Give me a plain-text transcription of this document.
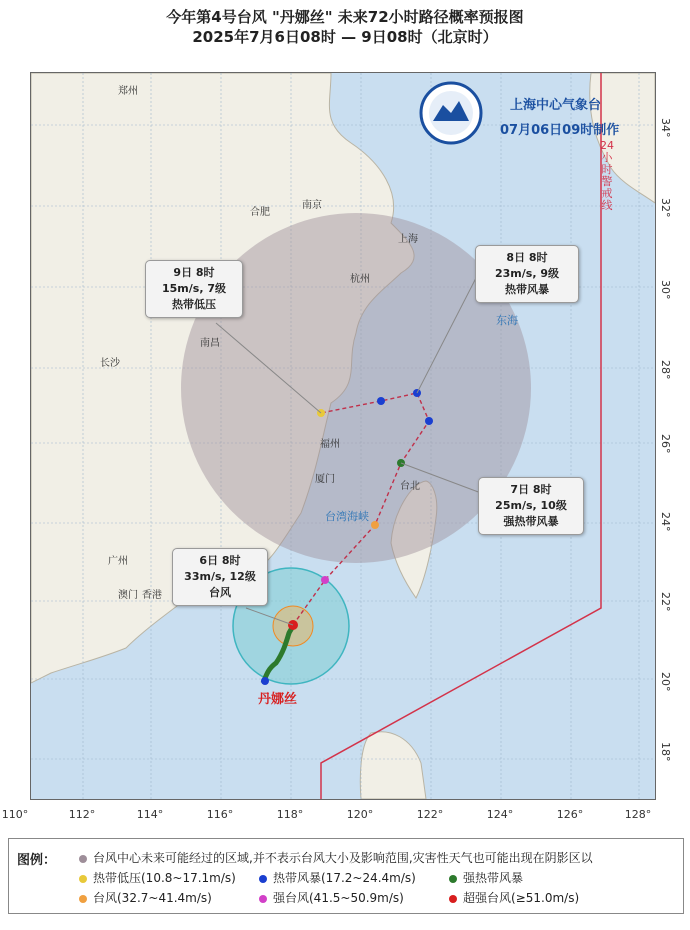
今年第4号台风 "丹娜丝" 未来72小时路径概率预报图
2025年7月6日08时 — 9日08时（北京时）
上海中心气象台
07月06日09时制作
24小时警戒线
郑州
合肥
南京
上海
杭州
南昌
长沙
福州
台北
广州
澳门 香港
厦门
东海
台湾海峡
丹娜丝
6日 8时
33m/s, 12级
台风
7日 8时
25m/s, 10级
强热带风暴
8日 8时
23m/s, 9级
热带风暴
9日 8时
15m/s, 7级
热带低压
110°	112°	114°	116°	118°	120°	122°	124°	126°	128°
34°
32°
30°
28°
26°
24°
22°
20°
18°
图例：	台风中心未来可能经过的区域,并不表示台风大小及影响范围,灾害性天气也可能出现在阴影区以
热带低压(10.8~17.1m/s)	热带风暴(17.2~24.4m/s)	强热带风暴
台风(32.7~41.4m/s)	强台风(41.5~50.9m/s)	超强台风(≥51.0m/s)
